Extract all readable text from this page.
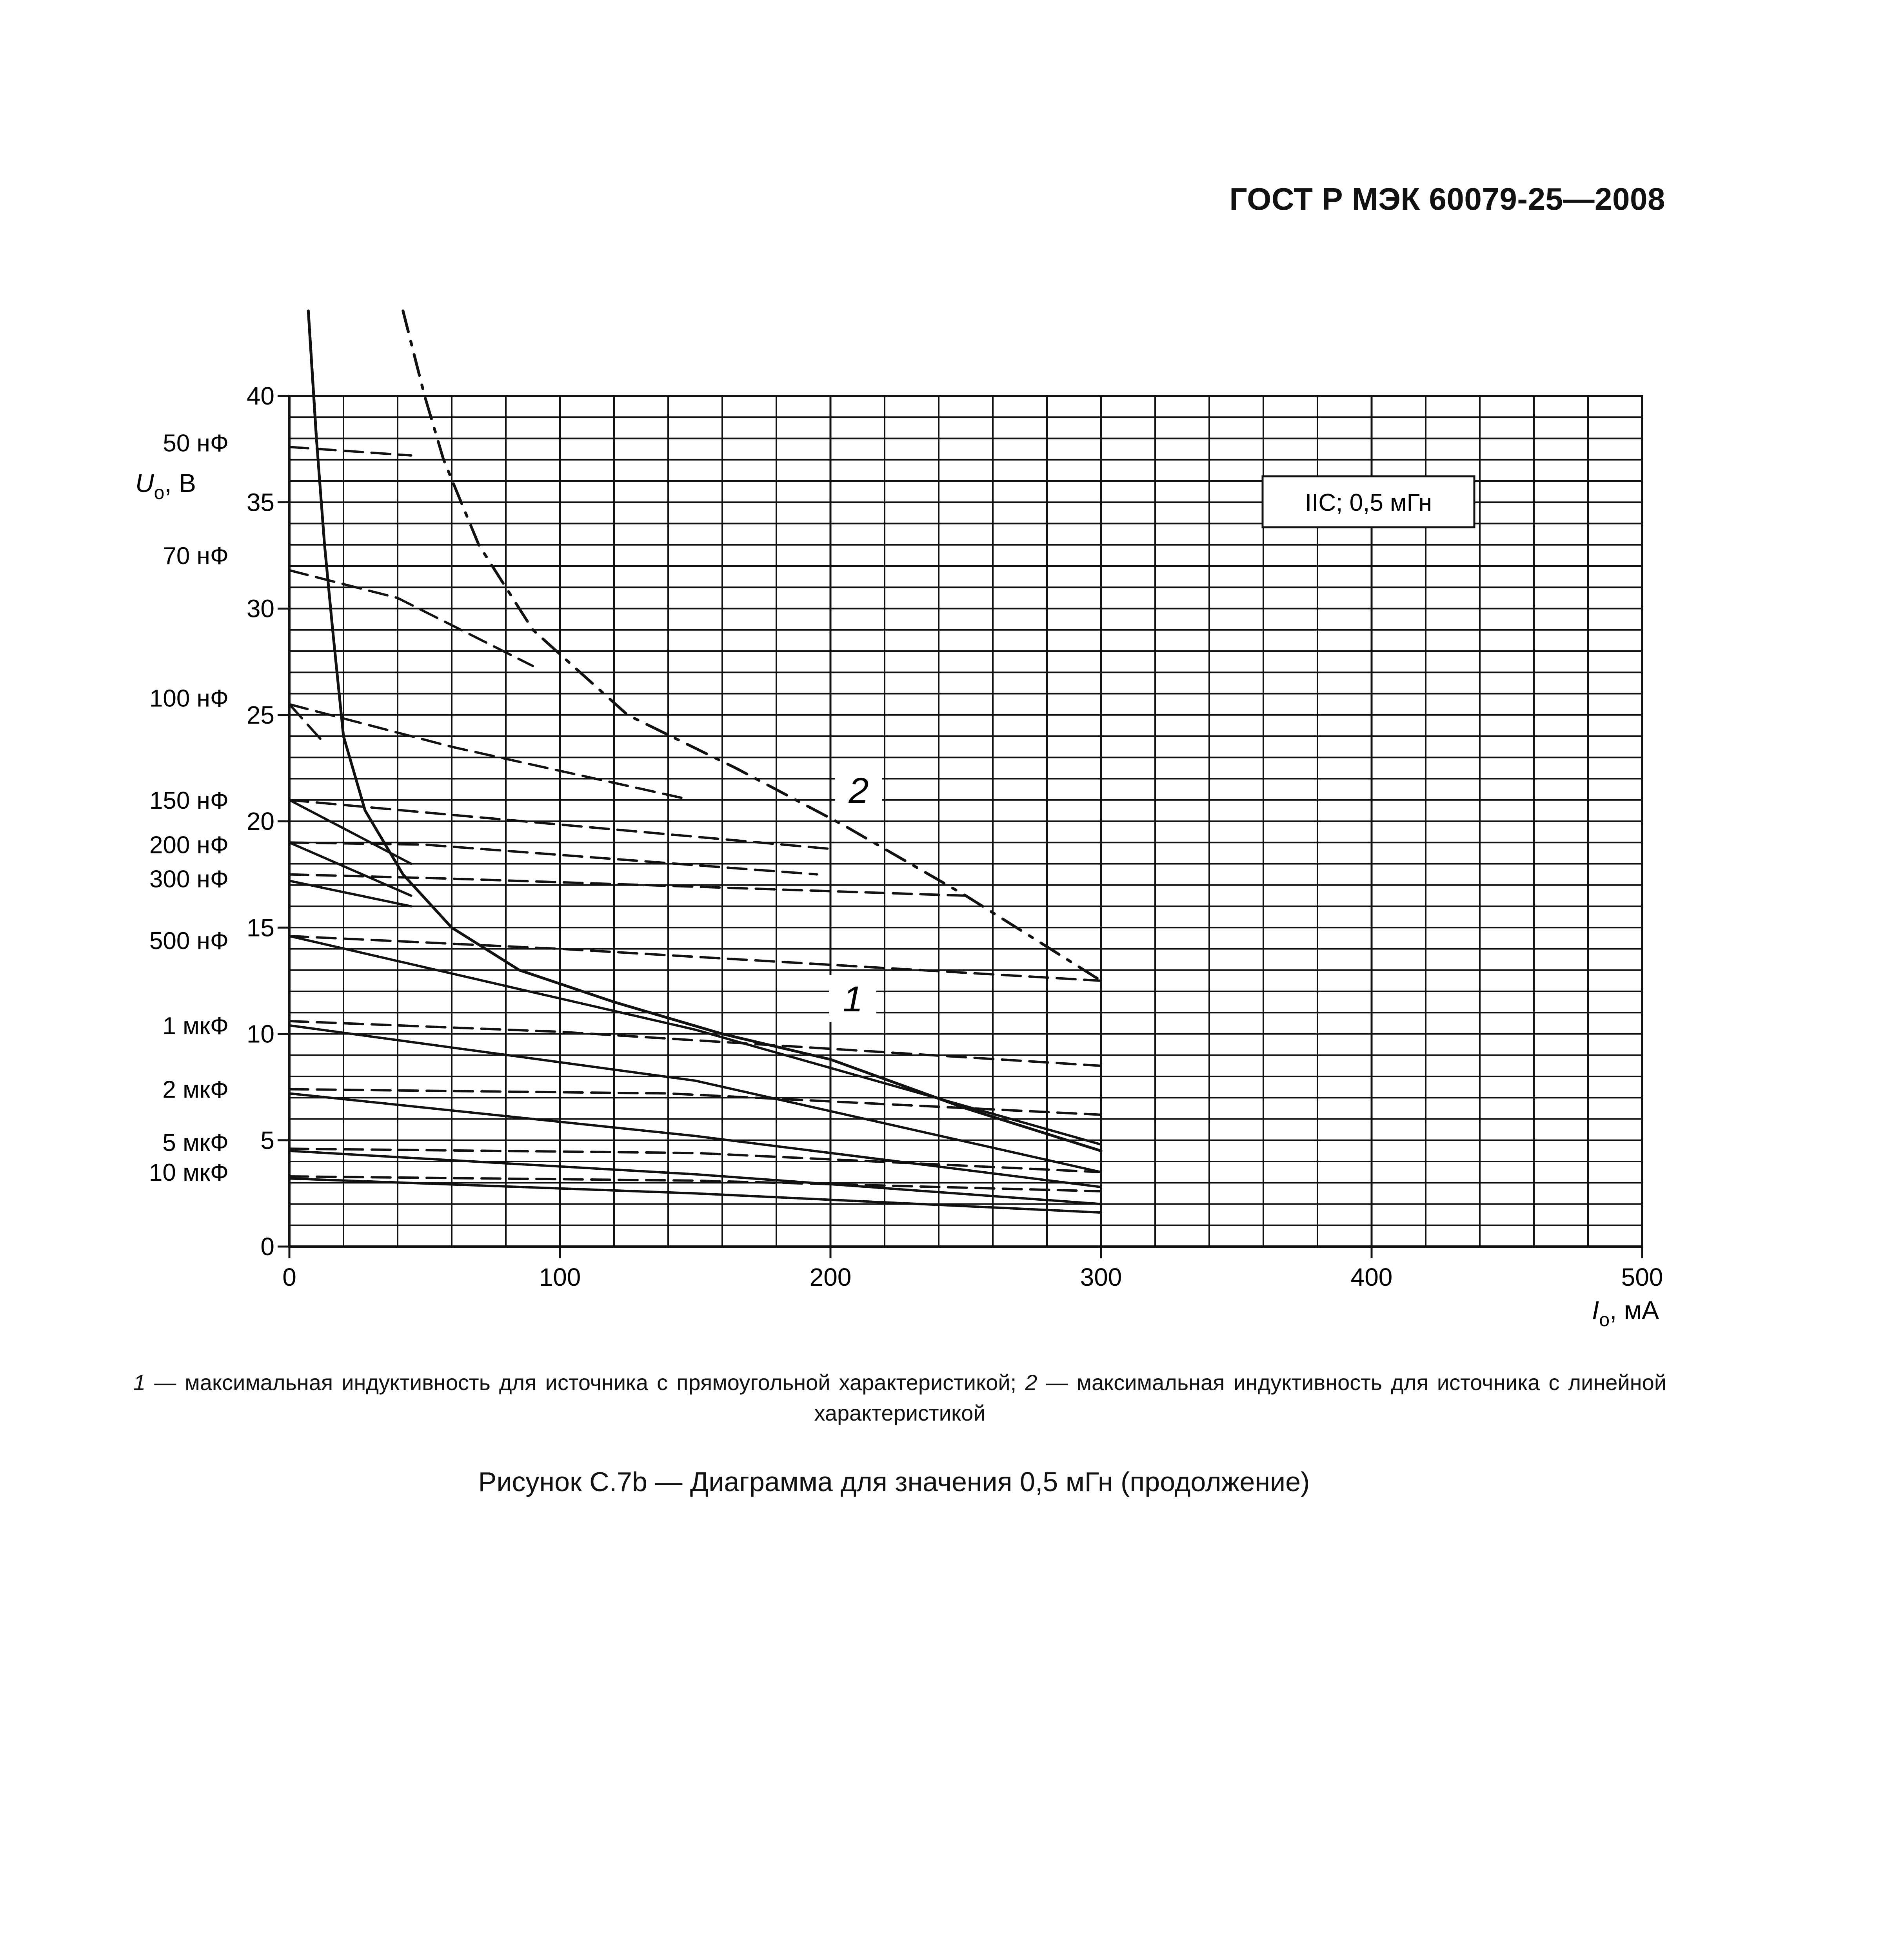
ГОСТ Р МЭК 60079-25—2008
0
5
10
15
20
25
30
35
40
0	100	200	300	400	500
50 нФ
70 нФ
100 нФ
150 нФ
200 нФ
300 нФ
500 нФ
1 мкФ
2 мкФ
5 мкФ
10 мкФ
$U_o$, В
$I_o$, мА
IIC; 0,5 мГн
2
1
1 — максимальная индуктивность для источника с прямоугольной характеристикой; 2 — максимальная индуктивность для источника с линейной характеристикой
Рисунок С.7b — Диаграмма для значения 0,5 мГн (продолжение)
